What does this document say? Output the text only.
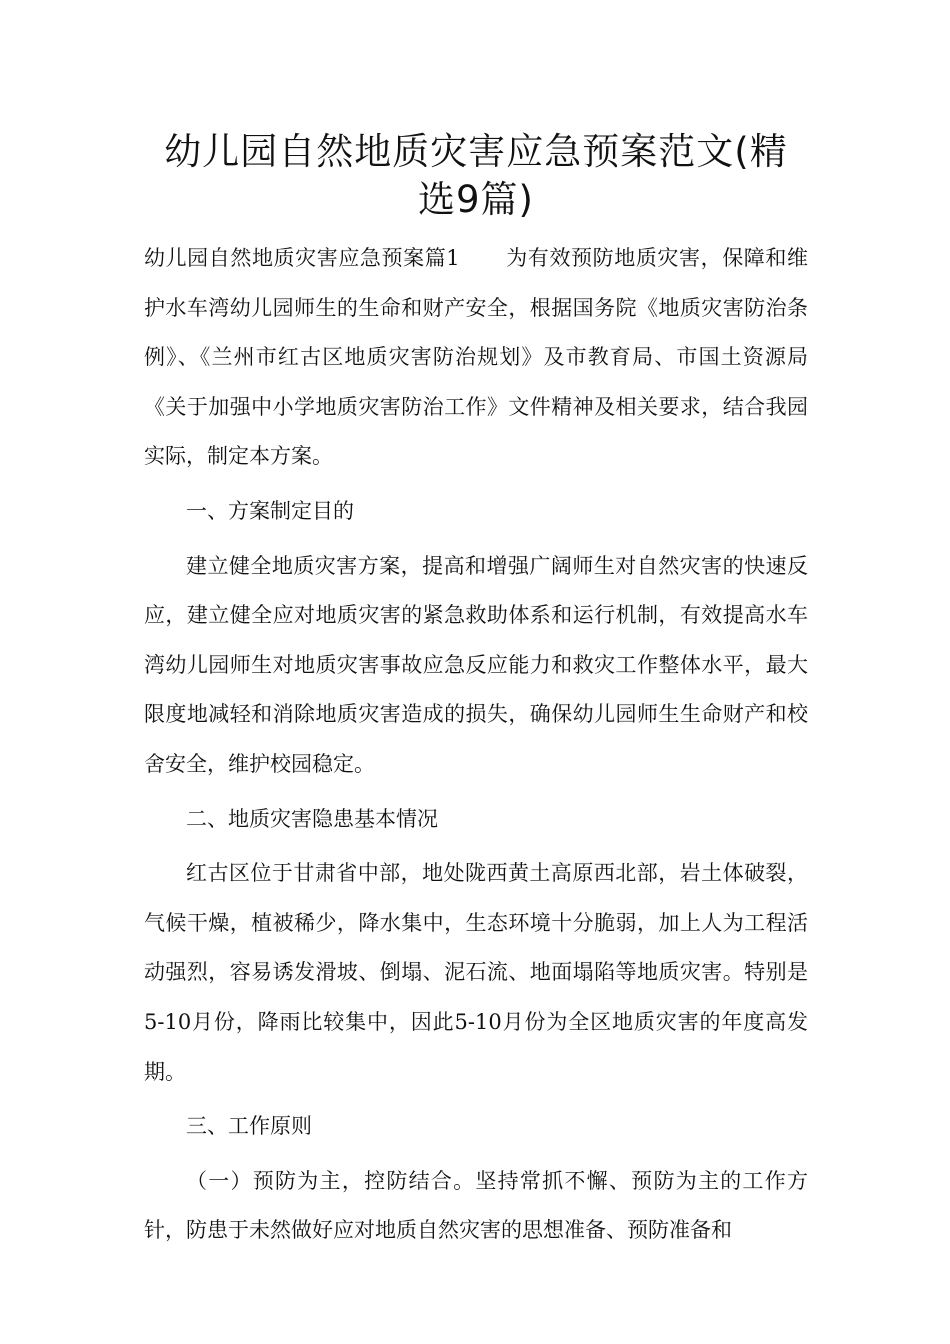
幼儿园自然地质灾害应急预案范文(精
选9篇)

幼儿园自然地质灾害应急预案篇1 为有效预防地质灾害，保障和维护水车湾幼儿园师生的生命和财产安全，根据国务院《地质灾害防治条例》、《兰州市红古区地质灾害防治规划》及市教育局、市国土资源局《关于加强中小学地质灾害防治工作》文件精神及相关要求，结合我园实际，制定本方案。

一、方案制定目的

建立健全地质灾害方案，提高和增强广阔师生对自然灾害的快速反应，建立健全应对地质灾害的紧急救助体系和运行机制，有效提高水车湾幼儿园师生对地质灾害事故应急反应能力和救灾工作整体水平，最大限度地减轻和消除地质灾害造成的损失，确保幼儿园师生生命财产和校舍安全，维护校园稳定。

二、地质灾害隐患基本情况

红古区位于甘肃省中部，地处陇西黄土高原西北部，岩土体破裂，气候干燥，植被稀少，降水集中，生态环境十分脆弱，加上人为工程活动强烈，容易诱发滑坡、倒塌、泥石流、地面塌陷等地质灾害。特别是5-10月份，降雨比较集中，因此5-10月份为全区地质灾害的年度高发期。

三、工作原则

（一）预防为主，控防结合。坚持常抓不懈、预防为主的工作方针，防患于未然做好应对地质自然灾害的思想准备、预防准备和
